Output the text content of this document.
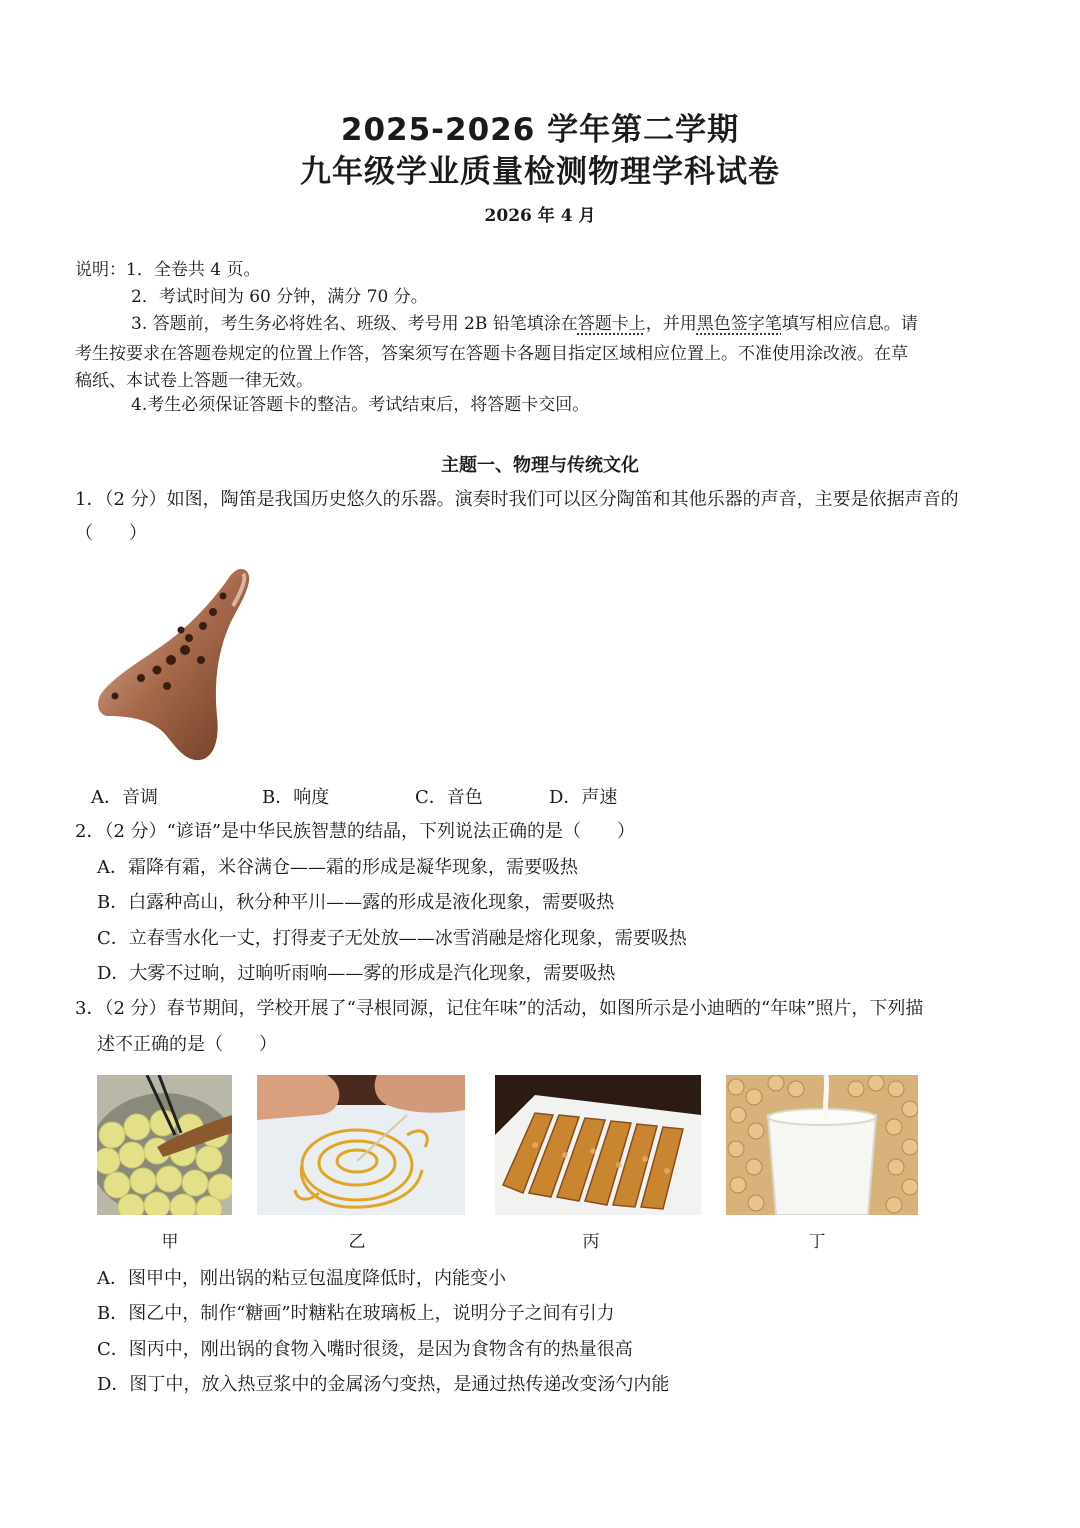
2025-2026 学年第二学期
九年级学业质量检测物理学科试卷
2026 年 4 月
说明：1．全卷共 4 页。
2．考试时间为 60 分钟，满分 70 分。
3. 答题前，考生务必将姓名、班级、考号用 2B 铅笔填涂在答题卡上，并用黑色签字笔填写相应信息。请
考生按要求在答题卷规定的位置上作答，答案须写在答题卡各题目指定区域相应位置上。不准使用涂改液。在草
稿纸、本试卷上答题一律无效。
4.考生必须保证答题卡的整洁。考试结束后，将答题卡交回。
主题一、物理与传统文化
1．（2 分）如图，陶笛是我国历史悠久的乐器。演奏时我们可以区分陶笛和其他乐器的声音，主要是依据声音的
（　　）
A．音调	B．响度	C．音色	D．声速
2．（2 分）“谚语”是中华民族智慧的结晶，下列说法正确的是（　　）
A．霜降有霜，米谷满仓——霜的形成是凝华现象，需要吸热
B．白露种高山，秋分种平川——露的形成是液化现象，需要吸热
C．立春雪水化一丈，打得麦子无处放——冰雪消融是熔化现象，需要吸热
D．大雾不过晌，过晌听雨响——雾的形成是汽化现象，需要吸热
3．（2 分）春节期间，学校开展了“寻根同源，记住年味”的活动，如图所示是小迪晒的“年味”照片，下列描
述不正确的是（　　）
甲	乙	丙	丁
A．图甲中，刚出锅的粘豆包温度降低时，内能变小
B．图乙中，制作“糖画”时糖粘在玻璃板上，说明分子之间有引力
C．图丙中，刚出锅的食物入嘴时很烫，是因为食物含有的热量很高
D．图丁中，放入热豆浆中的金属汤勺变热，是通过热传递改变汤勺内能
